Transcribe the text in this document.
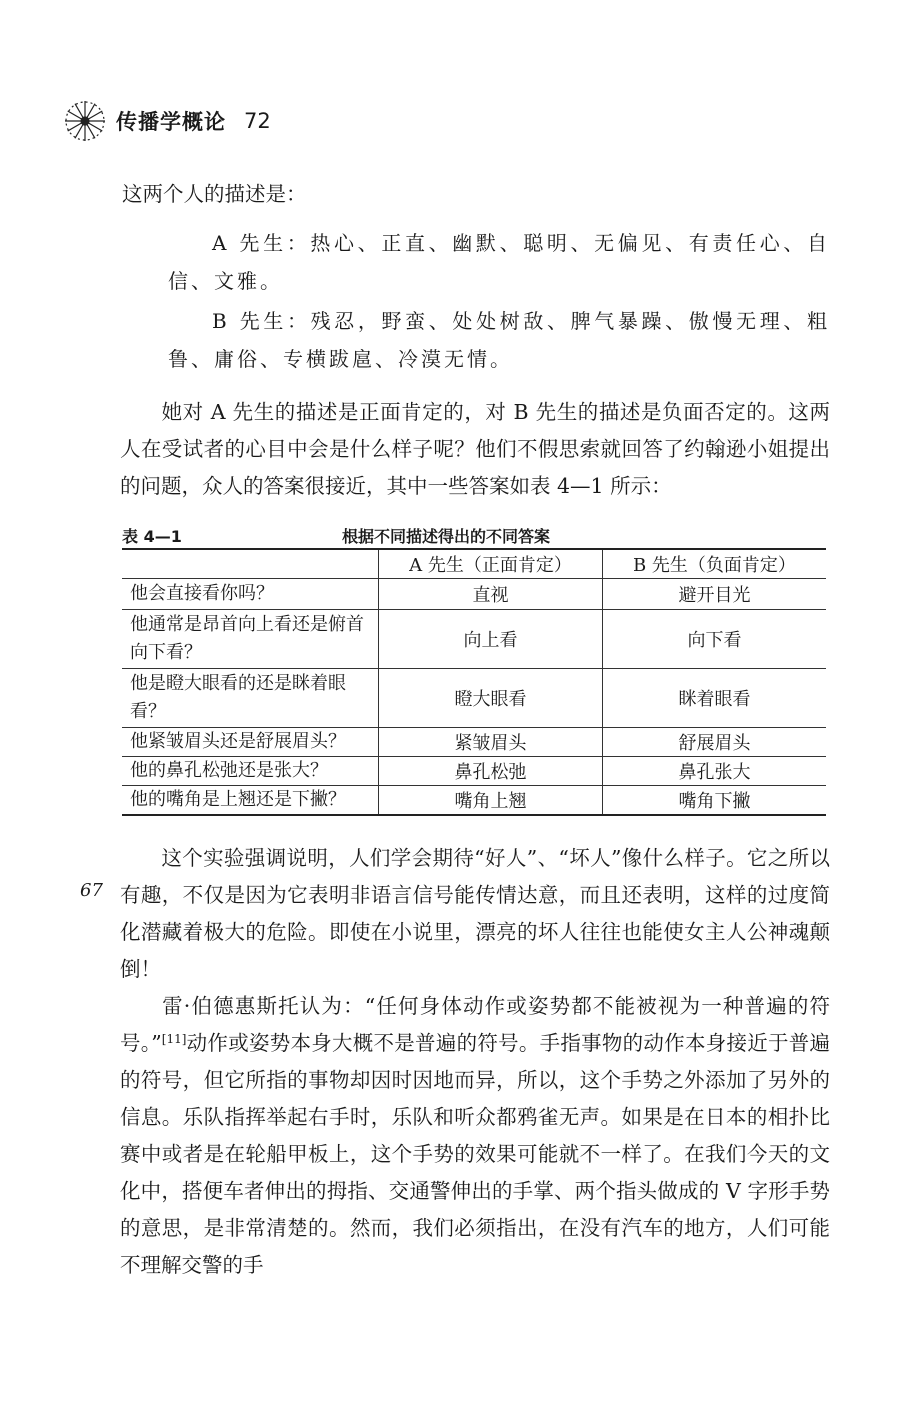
传播学概论 72

这两个人的描述是：

A 先生：热心、正直、幽默、聪明、无偏见、有责任心、自信、文雅。

B 先生：残忍，野蛮、处处树敌、脾气暴躁、傲慢无理、粗鲁、庸俗、专横跋扈、冷漠无情。

她对 A 先生的描述是正面肯定的，对 B 先生的描述是负面否定的。这两人在受试者的心目中会是什么样子呢？他们不假思索就回答了约翰逊小姐提出的问题，众人的答案很接近，其中一些答案如表 4—1 所示：

表 4—1	根据不同描述得出的不同答案
	A 先生（正面肯定）	B 先生（负面肯定）
他会直接看你吗？	直视	避开目光
他通常是昂首向上看还是俯首向下看？	向上看	向下看
他是瞪大眼看的还是眯着眼看？	瞪大眼看	眯着眼看
他紧皱眉头还是舒展眉头？	紧皱眉头	舒展眉头
他的鼻孔松弛还是张大？	鼻孔松弛	鼻孔张大
他的嘴角是上翘还是下撇？	嘴角上翘	嘴角下撇
67

这个实验强调说明，人们学会期待“好人”、“坏人”像什么样子。它之所以有趣，不仅是因为它表明非语言信号能传情达意，而且还表明，这样的过度简化潜藏着极大的危险。即使在小说里，漂亮的坏人往往也能使女主人公神魂颠倒！

雷·伯德惠斯托认为：“任何身体动作或姿势都不能被视为一种普遍的符号。”[11]动作或姿势本身大概不是普遍的符号。手指事物的动作本身接近于普遍的符号，但它所指的事物却因时因地而异，所以，这个手势之外添加了另外的信息。乐队指挥举起右手时，乐队和听众都鸦雀无声。如果是在日本的相扑比赛中或者是在轮船甲板上，这个手势的效果可能就不一样了。在我们今天的文化中，搭便车者伸出的拇指、交通警伸出的手掌、两个指头做成的 V 字形手势的意思，是非常清楚的。然而，我们必须指出，在没有汽车的地方，人们可能不理解交警的手
